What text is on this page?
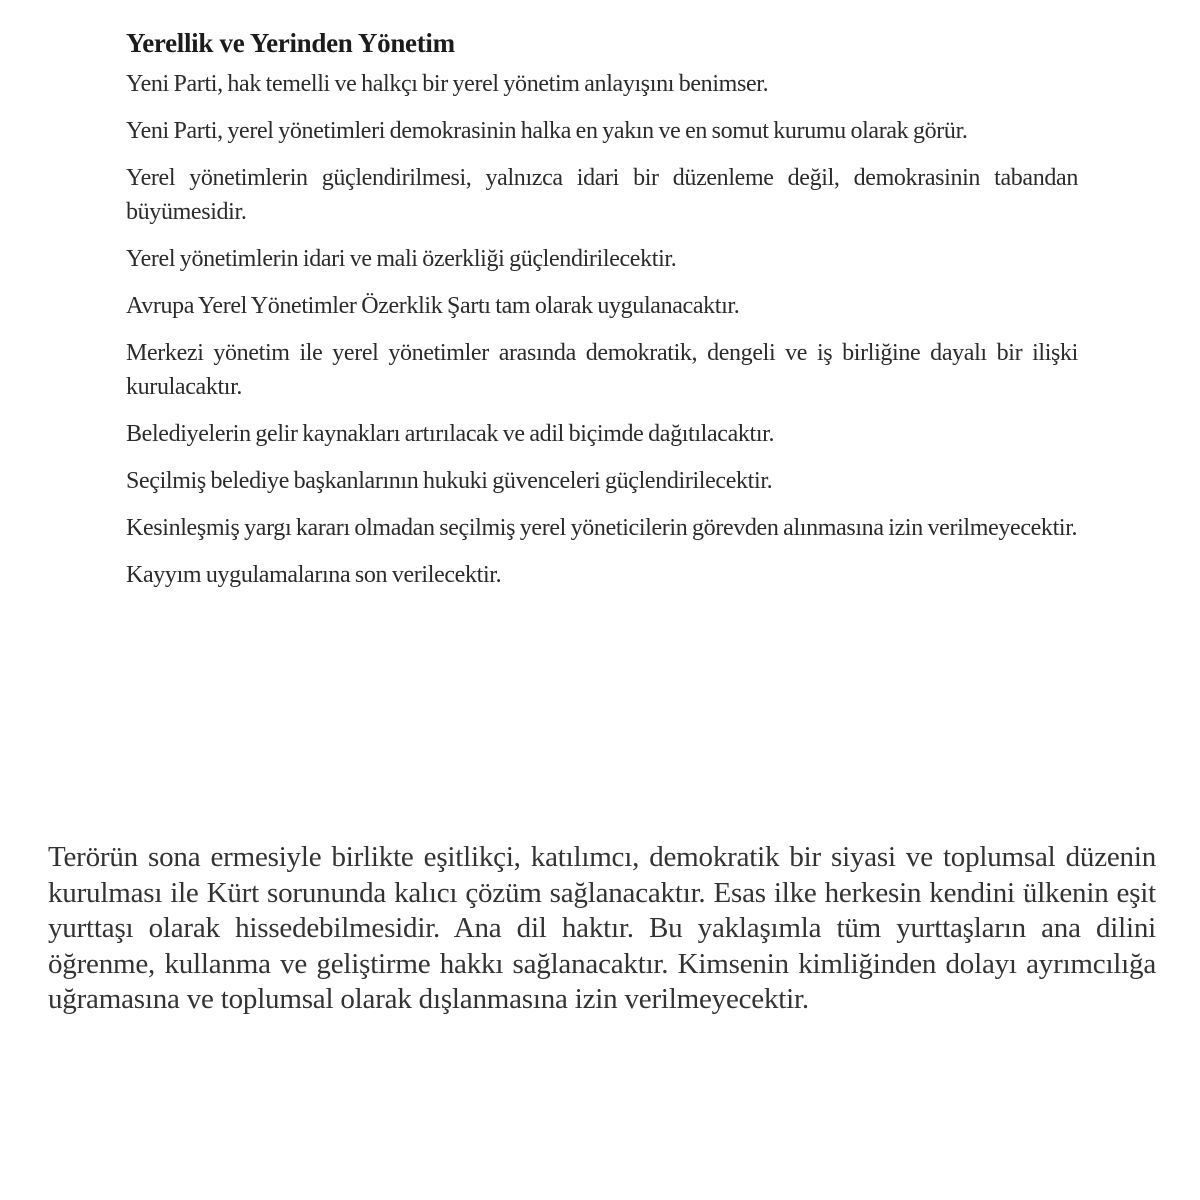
Yerellik ve Yerinden Yönetim

Yeni Parti, hak temelli ve halkçı bir yerel yönetim anlayışını benimser.

Yeni Parti, yerel yönetimleri demokrasinin halka en yakın ve en somut kurumu olarak görür.

Yerel yönetimlerin güçlendirilmesi, yalnızca idari bir düzenleme değil, demokrasinin tabandan büyümesidir.

Yerel yönetimlerin idari ve mali özerkliği güçlendirilecektir.

Avrupa Yerel Yönetimler Özerklik Şartı tam olarak uygulanacaktır.

Merkezi yönetim ile yerel yönetimler arasında demokratik, dengeli ve iş birliğine dayalı bir ilişki kurulacaktır.

Belediyelerin gelir kaynakları artırılacak ve adil biçimde dağıtılacaktır.

Seçilmiş belediye başkanlarının hukuki güvenceleri güçlendirilecektir.

Kesinleşmiş yargı kararı olmadan seçilmiş yerel yöneticilerin görevden alınmasına izin verilmeyecektir.

Kayyım uygulamalarına son verilecektir.

Terörün sona ermesiyle birlikte eşitlikçi, katılımcı, demokratik bir siyasi ve toplumsal düzenin kurulması ile Kürt sorununda kalıcı çözüm sağlanacaktır. Esas ilke herkesin kendini ülkenin eşit yurttaşı olarak hissedebilmesidir. Ana dil haktır. Bu yaklaşımla tüm yurttaşların ana dilini öğrenme, kullanma ve geliştirme hakkı sağlanacaktır. Kimsenin kimliğinden dolayı ayrımcılığa uğramasına ve toplumsal olarak dışlanmasına izin verilmeyecektir.
